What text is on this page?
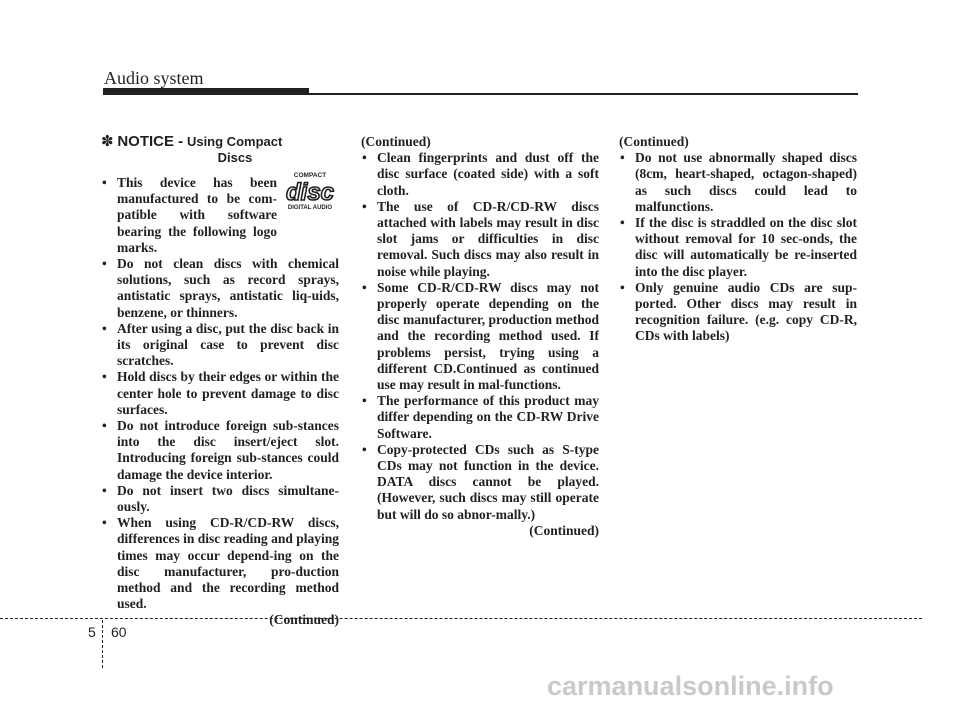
Audio system
✽ NOTICE - Using Compact
Discs
• This device has been manufactured to be com-patible with software bearing the following logo marks.
• Do not clean discs with chemical solutions, such as record sprays, antistatic sprays, antistatic liq-uids, benzene, or thinners.
• After using a disc, put the disc back in its original case to prevent disc scratches.
• Hold discs by their edges or within the center hole to prevent damage to disc surfaces.
• Do not introduce foreign sub-stances into the disc insert/eject slot. Introducing foreign sub-stances could damage the device interior.
• Do not insert two discs simultane-ously.
• When using CD-R/CD-RW discs, differences in disc reading and playing times may occur depend-ing on the disc manufacturer, pro-duction method and the recording method used.
(Continued)
COMPACT
disc
DIGITAL AUDIO
(Continued)
• Clean fingerprints and dust off the disc surface (coated side) with a soft cloth.
• The use of CD-R/CD-RW discs attached with labels may result in disc slot jams or difficulties in disc removal. Such discs may also result in noise while playing.
• Some CD-R/CD-RW discs may not properly operate depending on the disc manufacturer, production method and the recording method used. If problems persist, trying using a different CD.Continued as continued use may result in mal-functions.
• The performance of this product may differ depending on the CD-RW Drive Software.
• Copy-protected CDs such as S-type CDs may not function in the device. DATA discs cannot be played. (However, such discs may still operate but will do so abnor-mally.)
(Continued)
(Continued)
• Do not use abnormally shaped discs (8cm, heart-shaped, octagon-shaped) as such discs could lead to malfunctions.
• If the disc is straddled on the disc slot without removal for 10 sec-onds, the disc will automatically be re-inserted into the disc player.
• Only genuine audio CDs are sup-ported. Other discs may result in recognition failure. (e.g. copy CD-R, CDs with labels)
5 60
carmanualsonline.info
